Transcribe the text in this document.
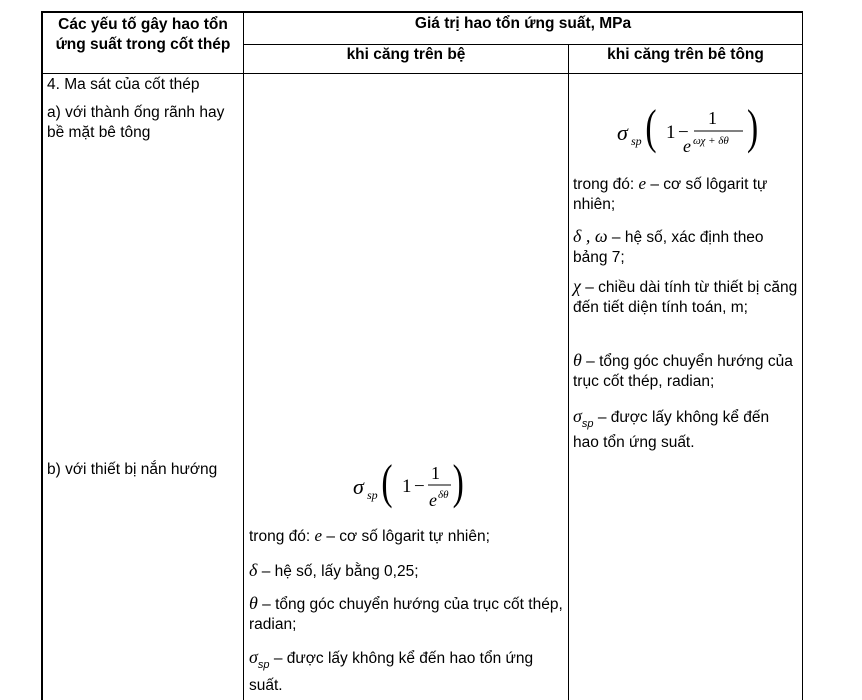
Các yếu tố gây hao tổn ứng suất trong cốt thép
Giá trị hao tổn ứng suất, MPa
khi căng trên bệ	khi căng trên bê tông
4. Ma sát của cốt thép
a) với thành ống rãnh hay bề mặt bê tông
b) với thiết bị nắn hướng
σ sp ( 1 −
1
e ωχ + δθ )
trong đó: e – cơ số lôgarit tự nhiên;
δ , ω – hệ số, xác định theo bảng 7;
χ – chiều dài tính từ thiết bị căng đến tiết diện tính toán, m;
θ – tổng góc chuyển hướng của trục cốt thép, radian;
$\sigma_{sp}$ – được lấy không kể đến hao tổn ứng suất.
σ sp ( 1 −
1
e δθ )
trong đó: e – cơ số lôgarit tự nhiên;
δ – hệ số, lấy bằng 0,25;
θ – tổng góc chuyển hướng của trục cốt thép, radian;
$\sigma_{sp}$ – được lấy không kể đến hao tổn ứng suất.
